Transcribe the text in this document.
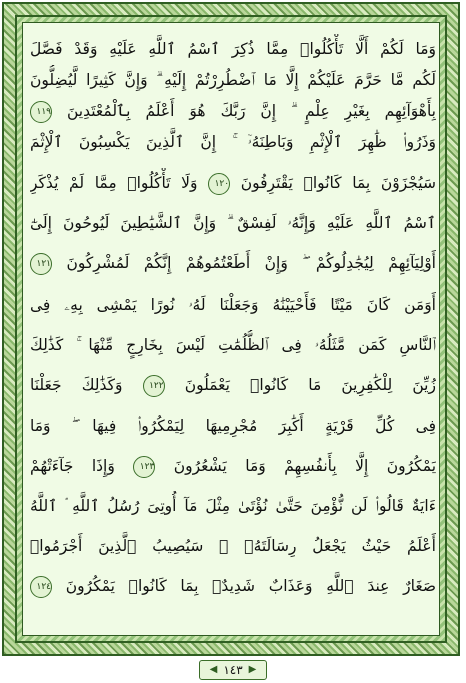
وَمَا لَكُمْ أَلَّا تَأْكُلُوا۟ مِمَّا ذُكِرَ ٱسْمُ ٱللَّهِ عَلَيْهِ وَقَدْ فَصَّلَ
لَكُم مَّا حَرَّمَ عَلَيْكُمْ إِلَّا مَا ٱضْطُرِرْتُمْ إِلَيْهِ ۗ وَإِنَّ كَثِيرًا لَّيُضِلُّونَ
بِأَهْوَآئِهِم بِغَيْرِ عِلْمٍ ۗ إِنَّ رَبَّكَ هُوَ أَعْلَمُ بِٱلْمُعْتَدِينَ ١١٩
وَذَرُوا۟ ظَٰهِرَ ٱلْإِثْمِ وَبَاطِنَهُۥٓ ۚ إِنَّ ٱلَّذِينَ يَكْسِبُونَ ٱلْإِثْمَ
سَيُجْزَوْنَ بِمَا كَانُوا۟ يَقْتَرِفُونَ ١٢٠ وَلَا تَأْكُلُوا۟ مِمَّا لَمْ يُذْكَرِ
ٱسْمُ ٱللَّهِ عَلَيْهِ وَإِنَّهُۥ لَفِسْقٌ ۗ وَإِنَّ ٱلشَّيَٰطِينَ لَيُوحُونَ إِلَىٰٓ
أَوْلِيَآئِهِمْ لِيُجَٰدِلُوكُمْ ۖ وَإِنْ أَطَعْتُمُوهُمْ إِنَّكُمْ لَمُشْرِكُونَ ١٢١
أَوَمَن كَانَ مَيْتًا فَأَحْيَيْنَٰهُ وَجَعَلْنَا لَهُۥ نُورًا يَمْشِى بِهِۦ فِى
ٱلنَّاسِ كَمَن مَّثَلُهُۥ فِى ٱلظُّلُمَٰتِ لَيْسَ بِخَارِجٍ مِّنْهَا ۚ كَذَٰلِكَ
زُيِّنَ لِلْكَٰفِرِينَ مَا كَانُوا۟ يَعْمَلُونَ ١٢٢ وَكَذَٰلِكَ جَعَلْنَا
فِى كُلِّ قَرْيَةٍ أَكَٰبِرَ مُجْرِمِيهَا لِيَمْكُرُوا۟ فِيهَا ۖ وَمَا
يَمْكُرُونَ إِلَّا بِأَنفُسِهِمْ وَمَا يَشْعُرُونَ ١٢٣ وَإِذَا جَآءَتْهُمْ
ءَايَةٌ قَالُوا۟ لَن نُّؤْمِنَ حَتَّىٰ نُؤْتَىٰ مِثْلَ مَآ أُوتِىَ رُسُلُ ٱللَّهِ ۘ ٱللَّهُ
أَعْلَمُ حَيْثُ يَجْعَلُ رِسَالَتَهُۥ ۗ سَيُصِيبُ ٱلَّذِينَ أَجْرَمُوا۟
صَغَارٌ عِندَ ٱللَّهِ وَعَذَابٌ شَدِيدٌۢ بِمَا كَانُوا۟ يَمْكُرُونَ ١٢٤
◀ ١٤٣ ▶
